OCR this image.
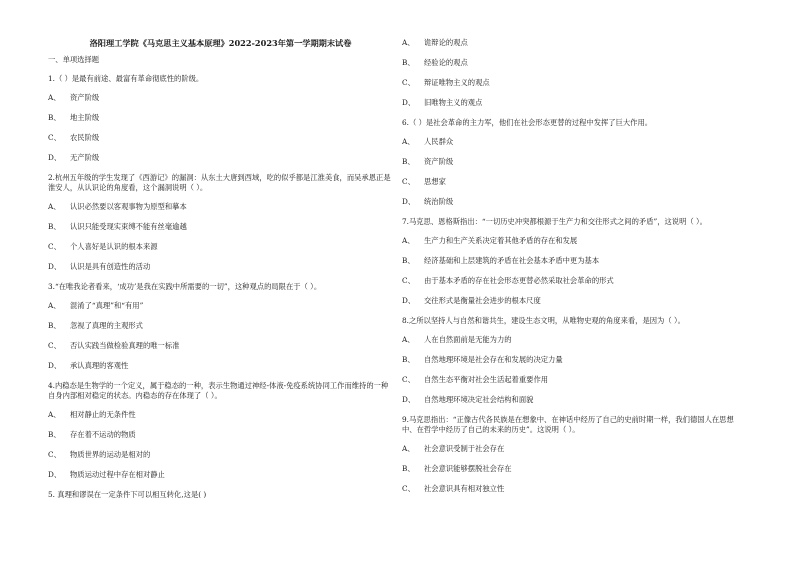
洛阳理工学院《马克思主义基本原理》2022-2023年第一学期期末试卷
一、单项选择题
1.（ ）是最有前途、最富有革命彻底性的阶级。
A、 资产阶级
B、 地主阶级
C、 农民阶级
D、 无产阶级
2.杭州五年级的学生发现了《西游记》的漏洞：从东土大唐到西域，吃的似乎都是江淮美食，而吴承恩正是淮安人，从认识论的角度看，这个漏洞说明（ ）。
A、 认识必然要以客观事物为原型和摹本
B、 认识只能受现实束缚不能有丝毫逾越
C、 个人喜好是认识的根本来源
D、 认识是具有创造性的活动
3.“在唯我论者看来，‘成功’是我在实践中所需要的一切”，这种观点的局限在于（ ）。
A、 混淆了“真理”和“有用”
B、 忽视了真理的主观形式
C、 否认实践当做检验真理的唯一标准
D、 承认真理的客观性
4.内稳态是生物学的一个定义，属于稳态的一种，表示生物通过神经-体液-免疫系统协同工作而维持的一种自身内部相对稳定的状态。内稳态的存在体现了（ ）。
A、 相对静止的无条件性
B、 存在着不运动的物质
C、 物质世界的运动是相对的
D、 物质运动过程中存在相对静止
5. 真理和谬误在一定条件下可以相互转化,这是( )
A、 诡辩论的观点
B、 经验论的观点
C、 辩证唯物主义的观点
D、 旧唯物主义的观点
6.（ ）是社会革命的主力军，他们在社会形态更替的过程中发挥了巨大作用。
A、 人民群众
B、 资产阶级
C、 思想家
D、 统治阶级
7.马克思、恩格斯指出：“一切历史冲突都根源于生产力和交往形式之间的矛盾”，这说明（ ）。
A、 生产力和生产关系决定着其他矛盾的存在和发展
B、 经济基础和上层建筑的矛盾在社会基本矛盾中更为基本
C、 由于基本矛盾的存在社会形态更替必然采取社会革命的形式
D、 交往形式是衡量社会进步的根本尺度
8.之所以坚持人与自然和谐共生，建设生态文明，从唯物史观的角度来看，是因为（ ）。
A、 人在自然面前是无能为力的
B、 自然地理环境是社会存在和发展的决定力量
C、 自然生态平衡对社会生活起着重要作用
D、 自然地理环境决定社会结构和面貌
9.马克思指出：“正像古代各民族是在想象中、在神话中经历了自己的史前时期一样，我们德国人在思想中、在哲学中经历了自己的未来的历史”。这说明（ ）。
A、 社会意识受制于社会存在
B、 社会意识能够摆脱社会存在
C、 社会意识具有相对独立性
